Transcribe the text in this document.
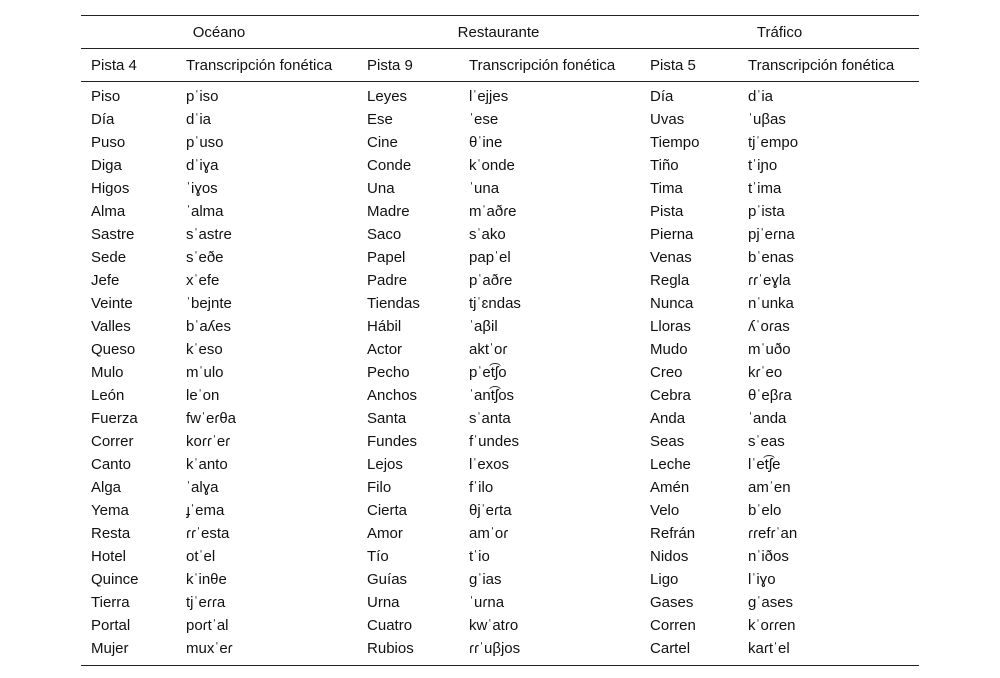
Océano		Restaurante		Tráfico	
Pista 4	Transcripción fonética	Pista 9	Transcripción fonética	Pista 5	Transcripción fonética
Piso	pˈiso	Leyes	lˈejjes	Día	dˈia
Día	dˈia	Ese	ˈese	Uvas	ˈuβas
Puso	pˈuso	Cine	θˈine	Tiempo	tjˈempo
Diga	dˈiɣa	Conde	kˈonde	Tiño	tˈiɲo
Higos	ˈiɣos	Una	ˈuna	Tima	tˈima
Alma	ˈalma	Madre	mˈaðɾe	Pista	pˈista
Sastre	sˈastɾe	Saco	sˈako	Pierna	pjˈeɾna
Sede	sˈeðe	Papel	papˈel	Venas	bˈenas
Jefe	xˈefe	Padre	pˈaðɾe	Regla	ɾɾˈeɣla
Veinte	ˈbejnte	Tiendas	tjˈɛndas	Nunca	nˈunka
Valles	bˈaʎes	Hábil	ˈaβil	Lloras	ʎˈoɾas
Queso	kˈeso	Actor	aktˈoɾ	Mudo	mˈuðo
Mulo	mˈulo	Pecho	pˈet͡ʃo	Creo	kɾˈeo
León	leˈon	Anchos	ˈant͡ʃos	Cebra	θˈeβɾa
Fuerza	fwˈeɾθa	Santa	sˈanta	Anda	ˈanda
Correr	koɾɾˈeɾ	Fundes	fˈundes	Seas	sˈeas
Canto	kˈanto	Lejos	lˈexos	Leche	lˈet͡ʃe
Alga	ˈalɣa	Filo	fˈilo	Amén	amˈen
Yema	ɟˈema	Cierta	θjˈeɾta	Velo	bˈelo
Resta	ɾɾˈesta	Amor	amˈoɾ	Refrán	ɾɾefɾˈan
Hotel	otˈel	Tío	tˈio	Nidos	nˈiðos
Quince	kˈinθe	Guías	ɡˈias	Ligo	lˈiɣo
Tierra	tjˈeɾɾa	Urna	ˈuɾna	Gases	ɡˈases
Portal	poɾtˈal	Cuatro	kwˈatɾo	Corren	kˈoɾɾen
Mujer	muxˈeɾ	Rubios	ɾɾˈuβjos	Cartel	kaɾtˈel
